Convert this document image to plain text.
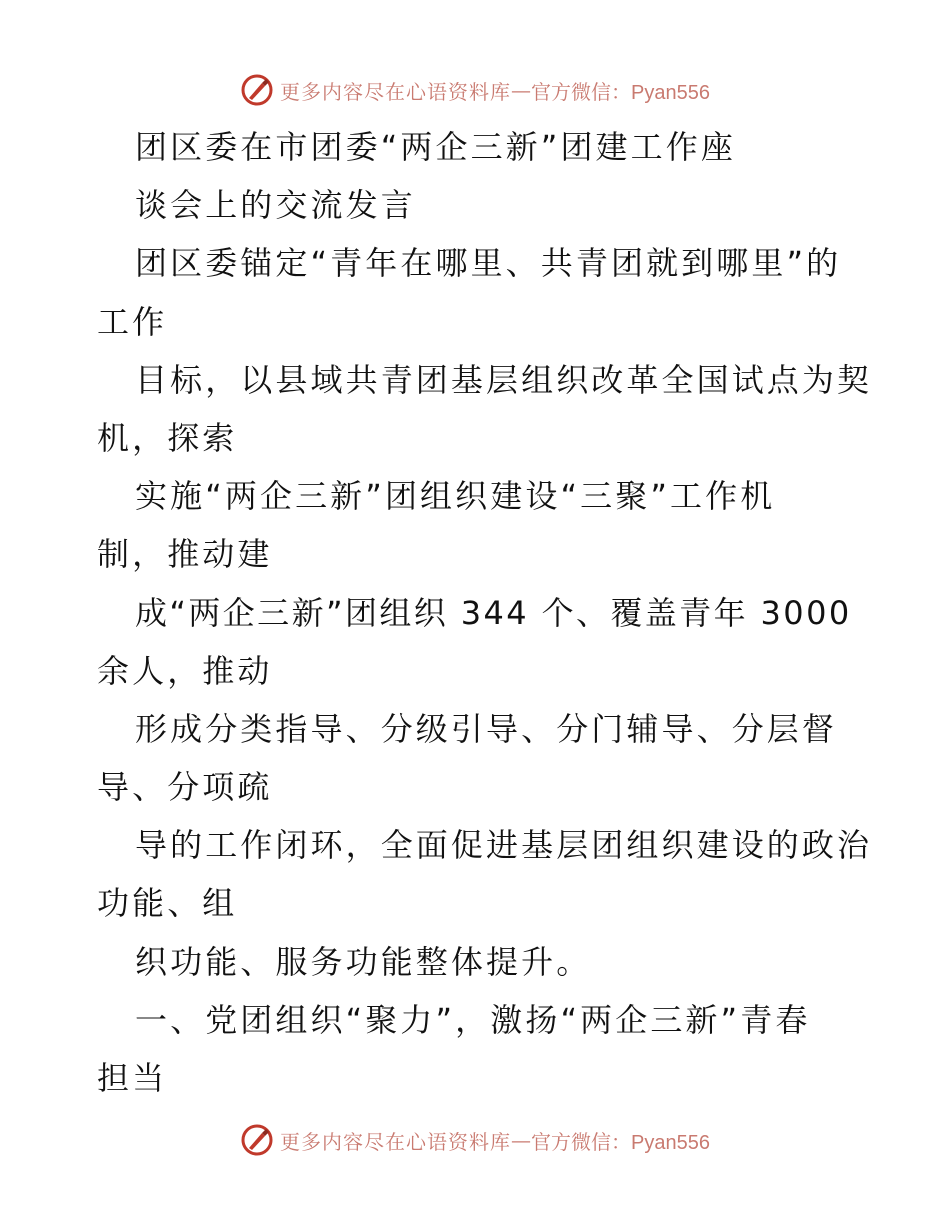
更多内容尽在心语资料库 — 官方微信：Pyan556
团区委在市团委“两企三新”团建工作座
谈会上的交流发言
团区委锚定“青年在哪里、共青团就到哪里”的
工作
目标，以县域共青团基层组织改革全国试点为契
机，探索
实施“两企三新”团组织建设“三聚”工作机
制，推动建
成“两企三新”团组织 344 个、覆盖青年 3000
余人，推动
形成分类指导、分级引导、分门辅导、分层督
导、分项疏
导的工作闭环，全面促进基层团组织建设的政治
功能、组
织功能、服务功能整体提升。
一、党团组织“聚力”，激扬“两企三新”青春
担当
更多内容尽在心语资料库 — 官方微信：Pyan556
